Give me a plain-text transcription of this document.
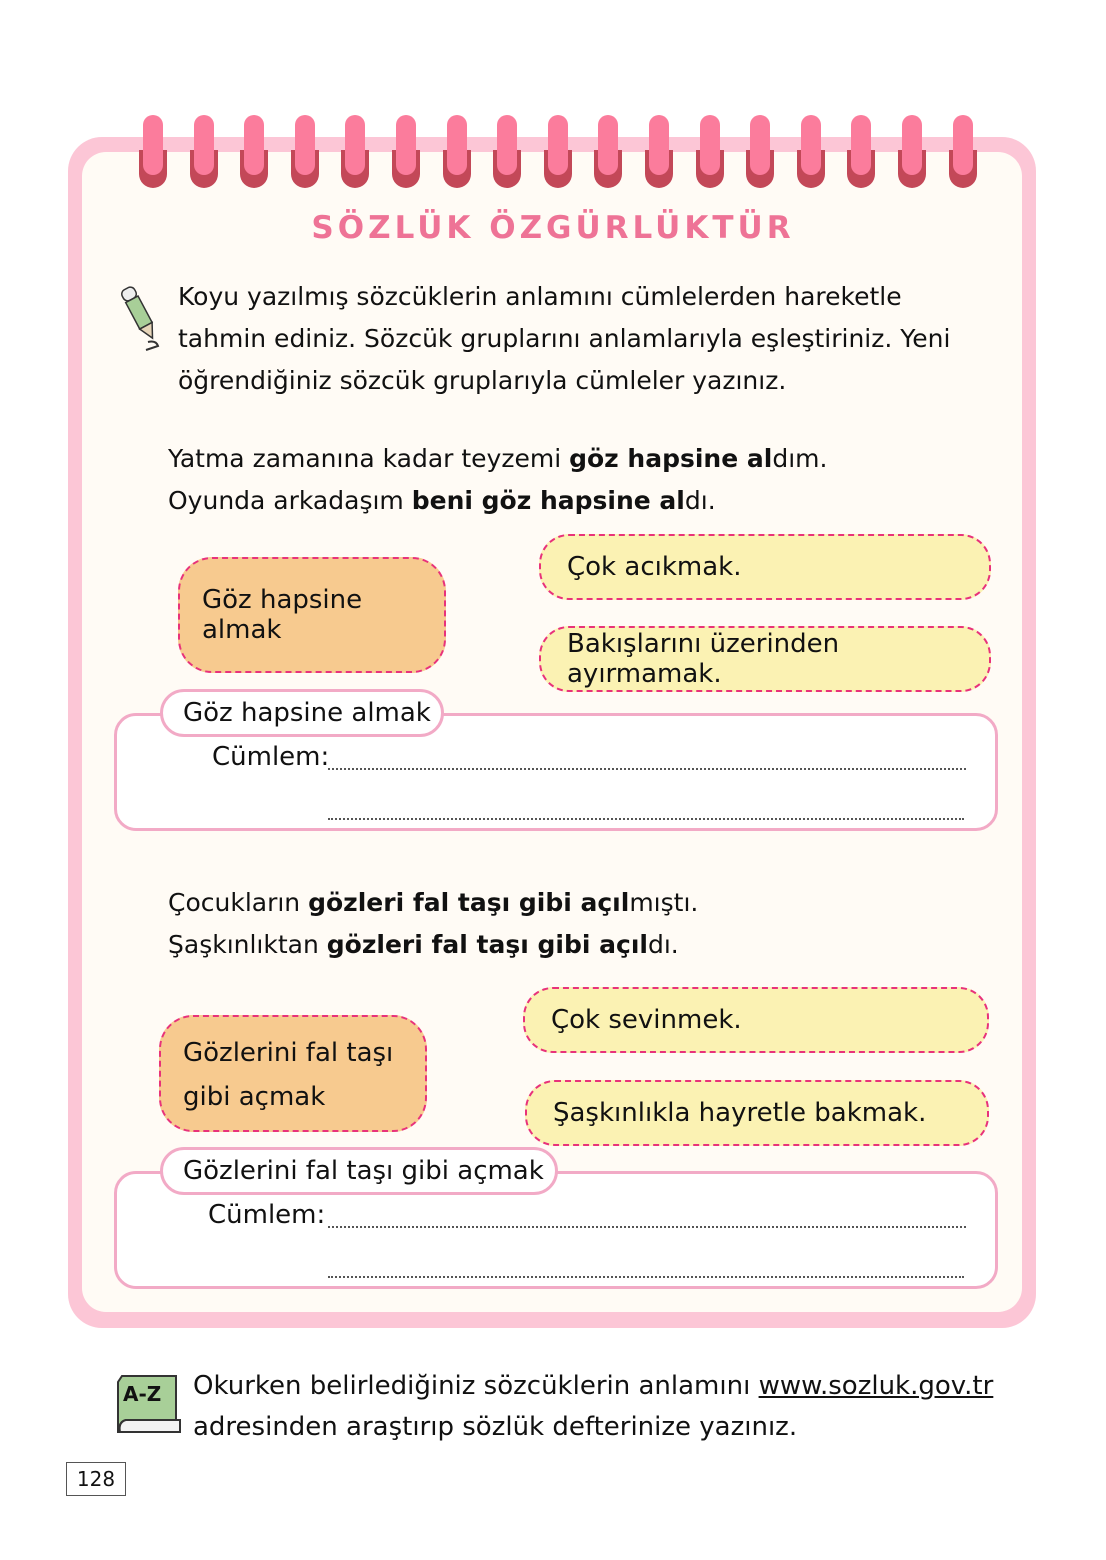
SÖZLÜK ÖZGÜRLÜKTÜR
Koyu yazılmış sözcüklerin anlamını cümlelerden hareketle tahmin ediniz. Sözcük gruplarını anlamlarıyla eşleştiriniz. Yeni öğrendiğiniz sözcük gruplarıyla cümleler yazınız.
Yatma zamanına kadar teyzemi göz hapsine aldım.
Oyunda arkadaşım beni göz hapsine aldı.
Göz hapsine almak
Çok acıkmak.
Bakışlarını üzerinden ayırmamak.
Göz hapsine almak
Cümlem:
Çocukların gözleri fal taşı gibi açılmıştı.
Şaşkınlıktan gözleri fal taşı gibi açıldı.
Gözlerini fal taşı
gibi açmak
Çok sevinmek.
Şaşkınlıkla hayretle bakmak.
Gözlerini fal taşı gibi açmak
Cümlem:
A-Z Okurken belirlediğiniz sözcüklerin anlamını www.sozluk.gov.tr
adresinden araştırıp sözlük defterinize yazınız.
128
